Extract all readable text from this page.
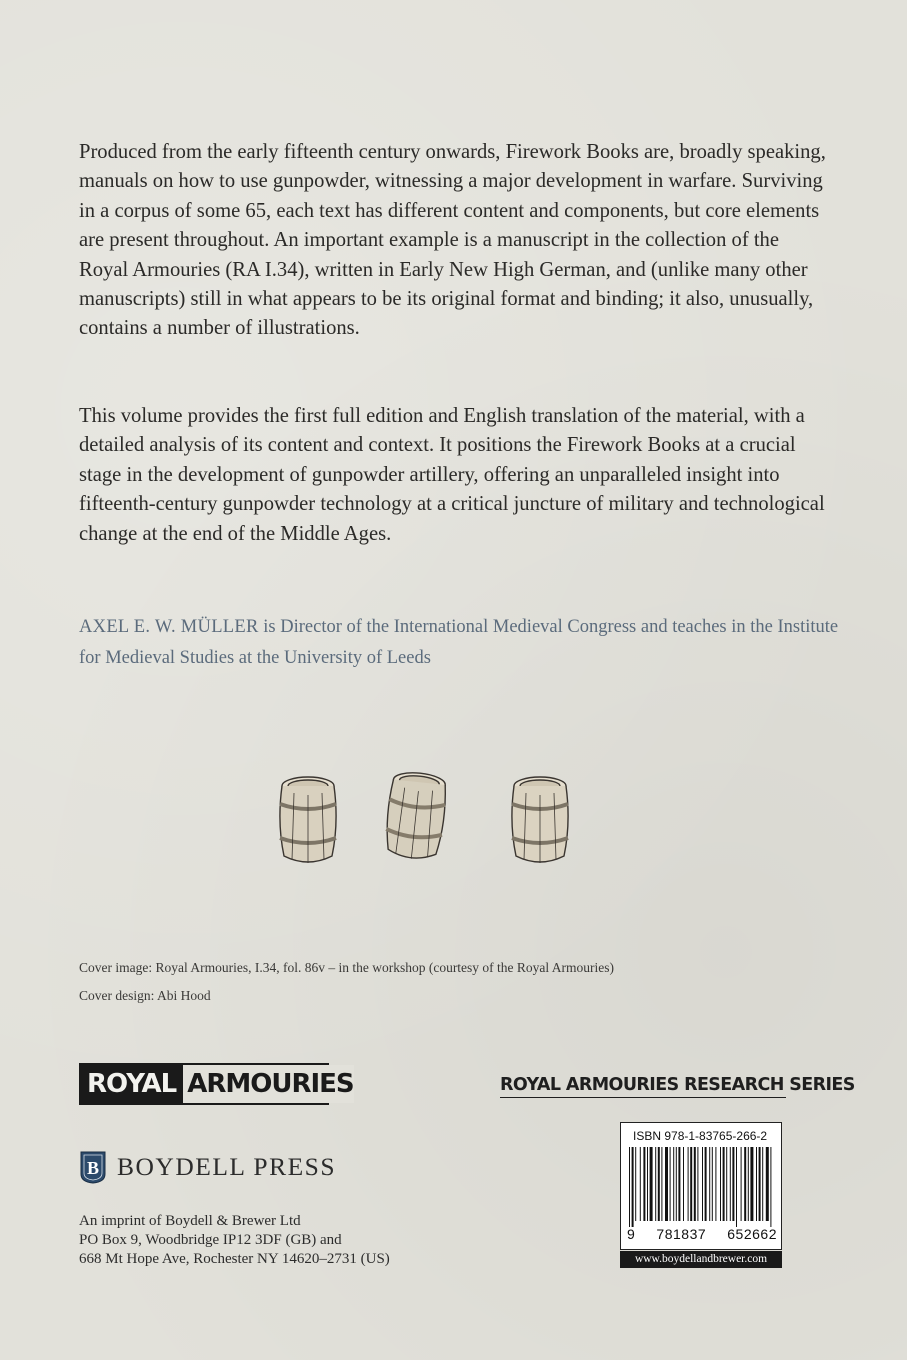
Produced from the early fifteenth century onwards, Firework Books are, broadly speaking, manuals on how to use gunpowder, witnessing a major development in warfare. Surviving in a corpus of some 65, each text has different content and components, but core elements are present throughout. An important example is a manuscript in the collection of the Royal Armouries (RA I.34), written in Early New High German, and (unlike many other manuscripts) still in what appears to be its original format and binding; it also, unusually, contains a number of illustrations.

This volume provides the first full edition and English translation of the material, with a detailed analysis of its content and context. It positions the Firework Books at a crucial stage in the development of gunpowder artillery, offering an unparalleled insight into fifteenth-century gunpowder technology at a critical juncture of military and technological change at the end of the Middle Ages.

AXEL E. W. MÜLLER is Director of the International Medieval Congress and teaches in the Institute for Medieval Studies at the University of Leeds

Cover image: Royal Armouries, I.34, fol. 86v – in the workshop (courtesy of the Royal Armouries)

Cover design: Abi Hood

ROYAL ARMOURIES	ROYAL ARMOURIES RESEARCH SERIES

B BOYDELL PRESS
An imprint of Boydell & Brewer Ltd
PO Box 9, Woodbridge IP12 3DF (GB) and
668 Mt Hope Ave, Rochester NY 14620–2731 (US)
ISBN 978-1-83765-266-2
9 781837 652662
www.boydellandbrewer.com
